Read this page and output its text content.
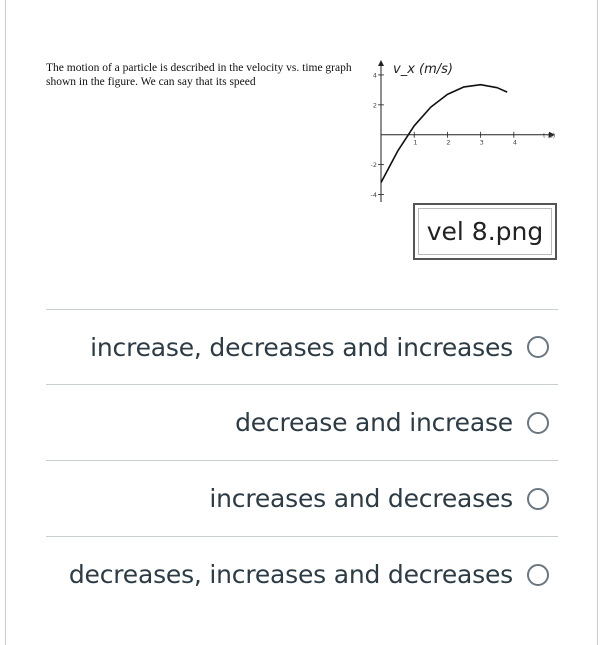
The motion of a particle is described in the velocity vs. time graph shown in the figure. We can say that its speed
v_x (m/s)
t (s)
1	2	3	4
4
2
-2
-4
vel 8.png
increase, decreases and increases
decrease and increase
increases and decreases
decreases, increases and decreases
